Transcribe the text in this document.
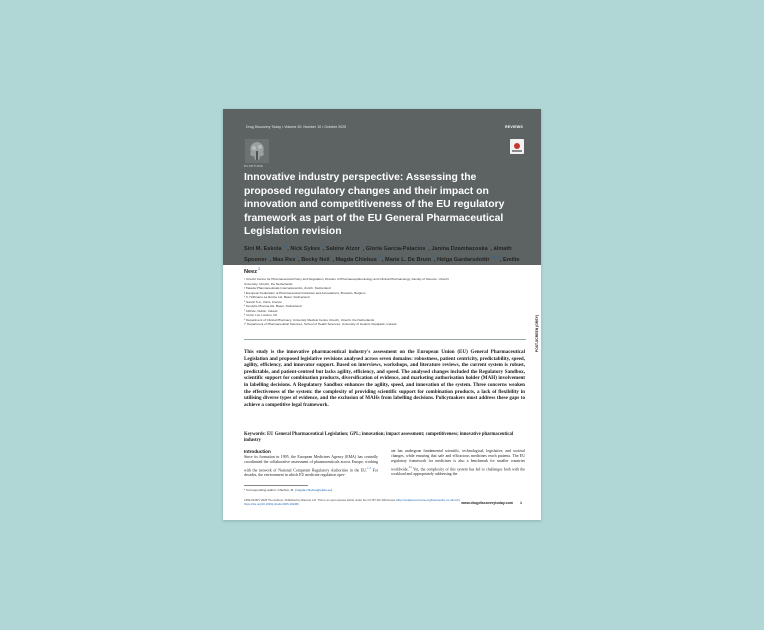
Drug Discovery Today • Volume 30, Number 10 • October 2025	REVIEWS
ELSEVIER
Innovative industry perspective: Assessing the proposed regulatory changes and their impact on innovation and competitiveness of the EU regulatory framework as part of the EU General Pharmaceutical Legislation revision
POST-SCREEN (GREY)
Sini M. Eskola $^{1,2}$, Nick Sykes $^3$, Sabine Atzor $^4$, Gloria Garcia-Palacios $^5$, Janina Dzambazoska $^6$, álmath Spooner $^7$, Max Rex $^8$, Becky Neil $^7$, Magda Chlebus $^{3,*}$, Marie L. De Bruin $^1$, Helga Gardarsdottir $^{1,9,10}$, Emilie Neez $^3$
¹ Utrecht Centre for Pharmaceutical Policy and Regulation, Division of Pharmacoepidemiology and Clinical Pharmacology, Faculty of Science, Utrecht
University, Utrecht, the Netherlands
² Takeda Pharmaceuticals International AG, Zurich, Switzerland
³ European Federation of Pharmaceutical Industries and Associations, Brussels, Belgium
⁴ F. Hoffmann-La Roche Ltd, Basel, Switzerland
⁵ Sanofi S.A., Paris, France
⁶ Novartis Pharma AG, Basel, Switzerland
⁷ AbbVie, Dublin, Ireland
⁸ Union Ltd, London, UK
⁹ Department of Clinical Pharmacy, University Medical Centre Utrecht, Utrecht, the Netherlands
¹⁰ Department of Pharmaceutical Sciences, School of Health Sciences, University of Iceland, Reykjavik, Iceland
This study is the innovative pharmaceutical industry's assessment on the European Union (EU) General Pharmaceutical Legislation and proposed legislative revisions analysed across seven domains: robustness, patient centricity, predictability, speed, agility, efficiency, and innovator support. Based on interviews, workshops, and literature reviews, the current system is robust, predictable, and patient-centred but lacks agility, efficiency, and speed. The analysed changes included the Regulatory Sandbox, scientific support for combination products, diversification of evidence, and marketing authorisation holder (MAH) involvement in labelling decisions. A Regulatory Sandbox enhances the agility, speed, and innovation of the system. Three concerns weaken the effectiveness of the system: the complexity of providing scientific support for combination products, a lack of flexibility in utilising diverse types of evidence, and the exclusion of MAHs from labelling decisions. Policymakers must address these gaps to achieve a competitive legal framework.
Keywords: EU General Pharmaceutical Legislation; GPL; innovation; impact assessment; competitiveness; innovative pharmaceutical industry
Introduction
Since its formation in 1995, the European Medicines Agency (EMA) has centrally coordinated the collaborative assessment of pharmaceuticals across Europe, working with the network of National Competent Regulatory Authorities in the EU.$^{1-3}$ For decades, the environment in which EU medicine regulation oper-
ate has undergone fundamental scientific, technological, legislative, and societal changes, while ensuring that safe and efficacious medicines reach patients. The EU regulatory framework for medicines is also a benchmark for smaller countries worldwide.$^{4,5}$ Yet, the complexity of this system has led to challenges both with the workload and appropriately addressing the
* Corresponding author. Chlebus, M. (magda.chlebus@efpia.eu)
1359-6446/© 2025 The Authors. Published by Elsevier Ltd. This is an open access article under the CC BY-NC-ND license (http://creativecommons.org/licenses/by-nc-nd/4.0/).
https://doi.org/10.1016/j.drudis.2025.104466	www.drugdiscoverytoday.com 1
